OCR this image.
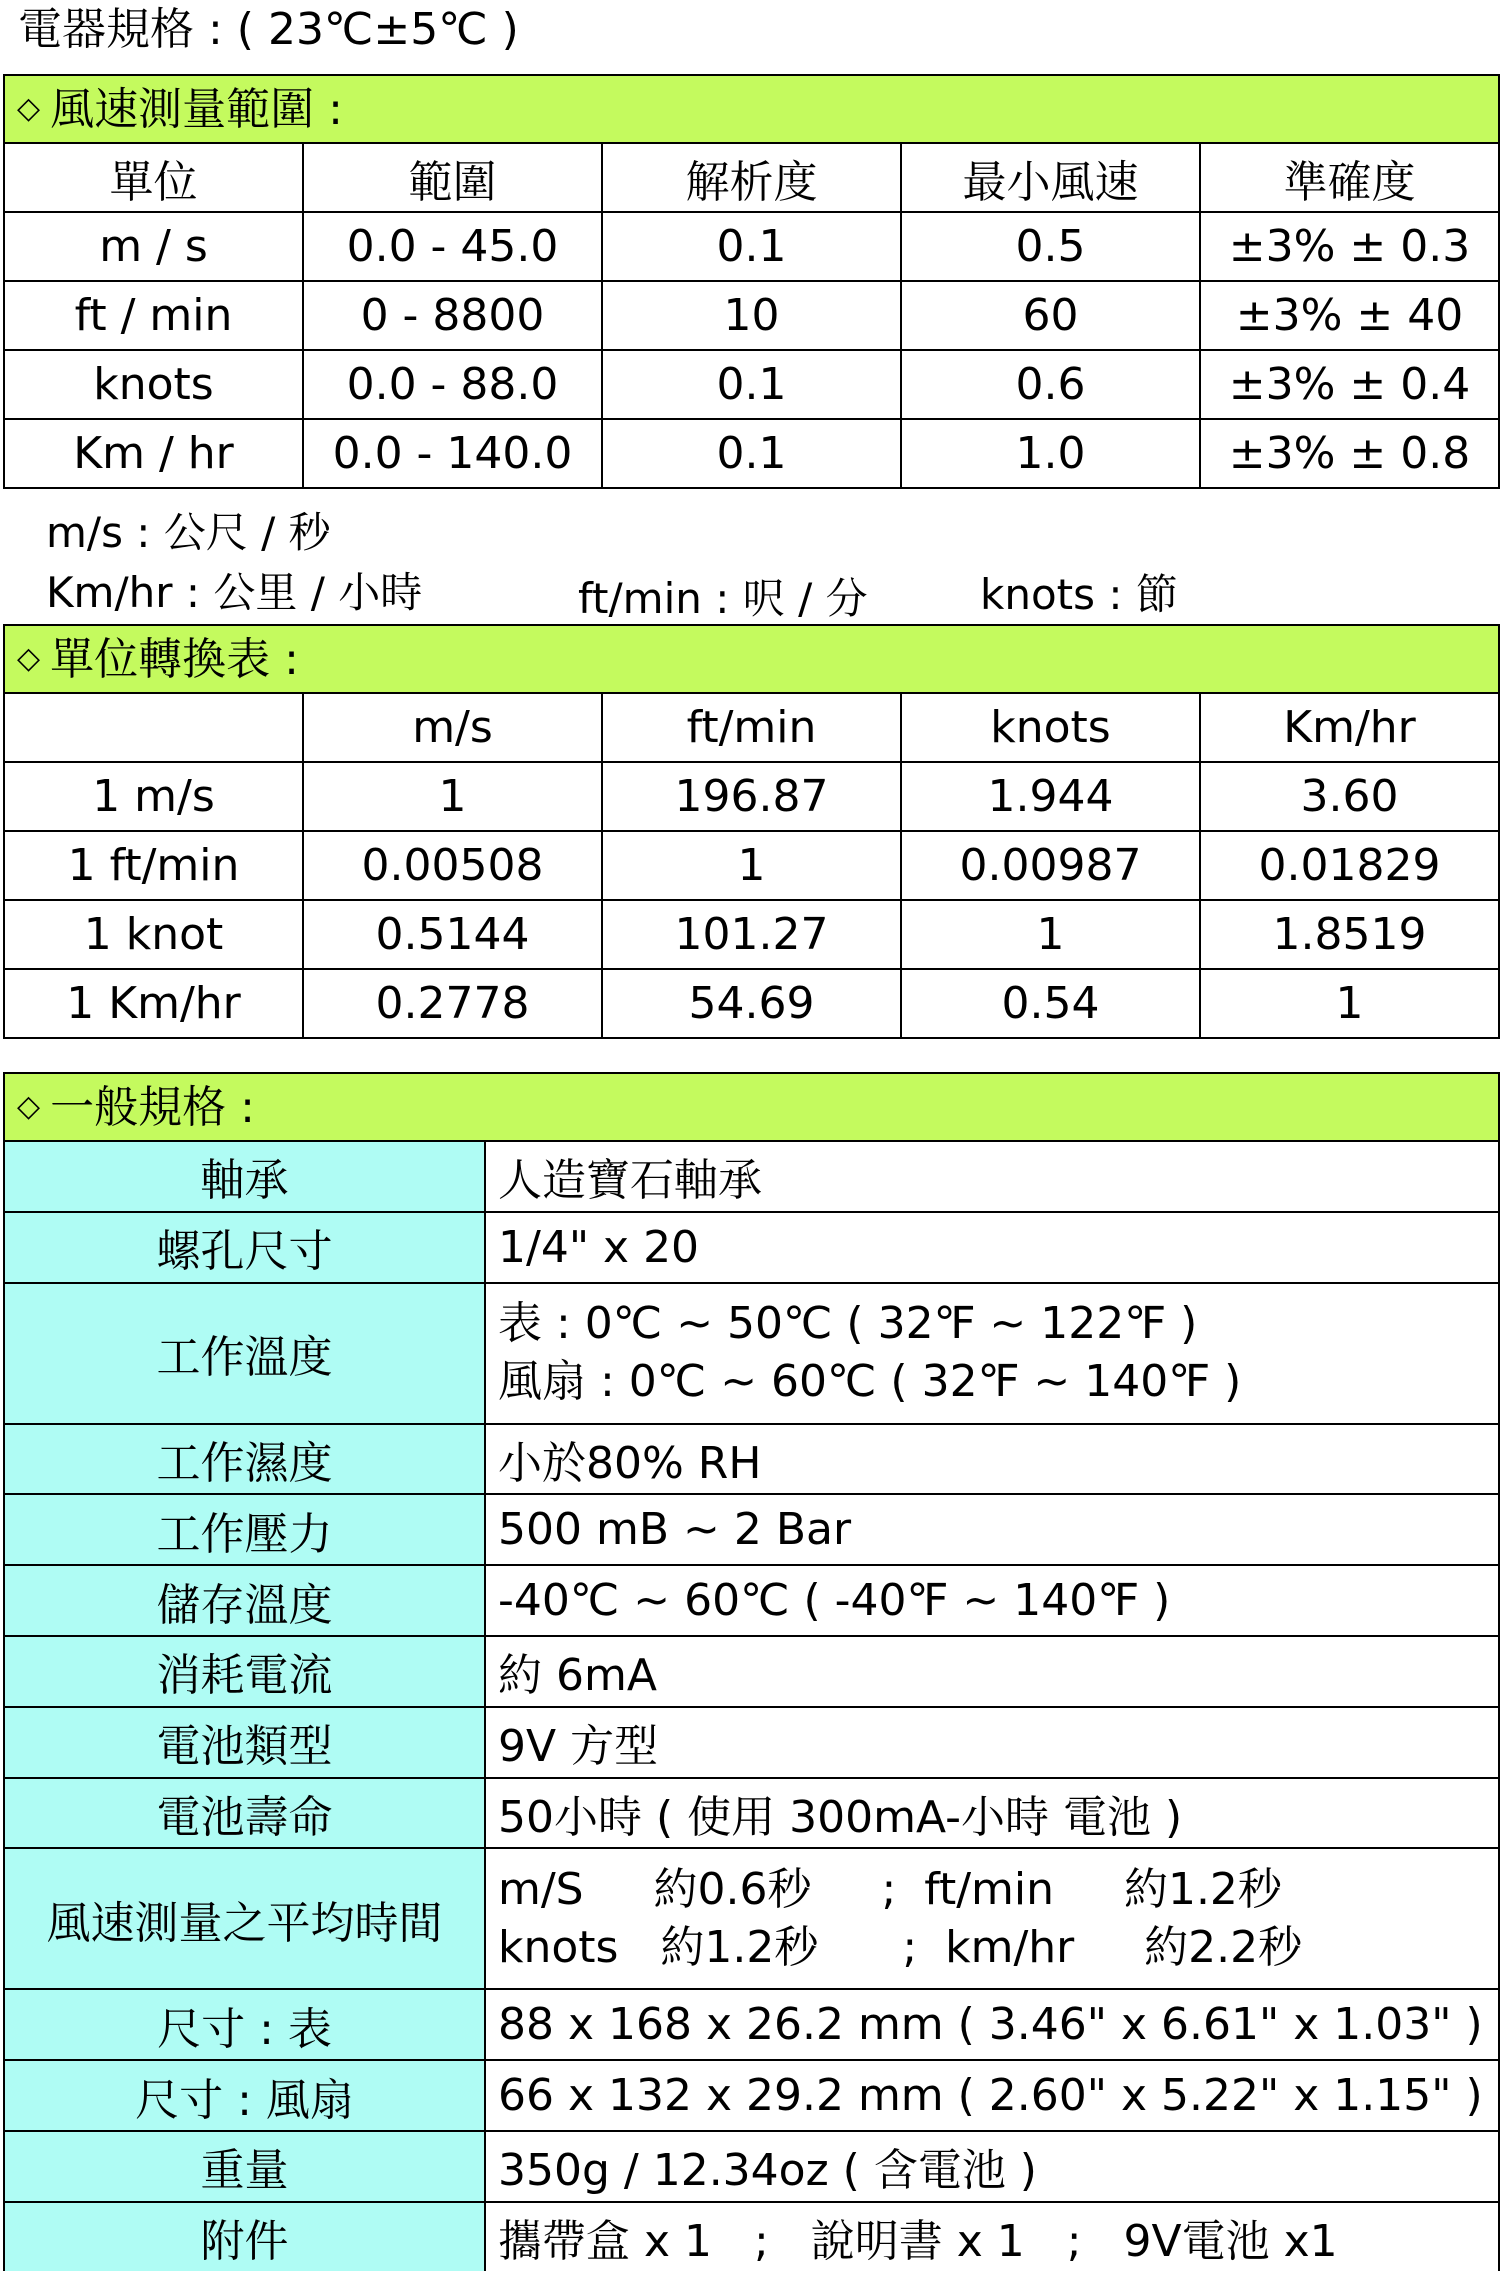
電器規格 : ( 23℃±5℃ )
◇ 風速測量範圍 :
單位	範圍	解析度	最小風速	準確度
m / s	0.0 - 45.0	0.1	0.5	±3% ± 0.3
ft / min	0 - 8800	10	60	±3% ± 40
knots	0.0 - 88.0	0.1	0.6	±3% ± 0.4
Km / hr	0.0 - 140.0	0.1	1.0	±3% ± 0.8
m/s : 公尺 / 秒
Km/hr : 公里 / 小時	ft/min : 呎 / 分	knots : 節
◇ 單位轉換表 :
	m/s	ft/min	knots	Km/hr
1 m/s	1	196.87	1.944	3.60
1 ft/min	0.00508	1	0.00987	0.01829
1 knot	0.5144	101.27	1	1.8519
1 Km/hr	0.2778	54.69	0.54	1
◇ 一般規格 :
軸承	人造寶石軸承
螺孔尺寸	1/4" x 20
工作溫度	表 : 0℃ ~ 50℃ ( 32℉ ~ 122℉ )
風扇 : 0℃ ~ 60℃ ( 32℉ ~ 140℉ )

工作濕度	小於80% RH
工作壓力	500 mB ~ 2 Bar
儲存溫度	-40℃ ~ 60℃ ( -40℉ ~ 140℉ )
消耗電流	約 6mA
電池類型	9V 方型
電池壽命	50小時 ( 使用 300mA-小時 電池 )
風速測量之平均時間	m/S     約0.6秒     ;  ft/min     約1.2秒
knots   約1.2秒      ;  km/hr     約2.2秒

尺寸 : 表	88 x 168 x 26.2 mm ( 3.46" x 6.61" x 1.03" )
尺寸 : 風扇	66 x 132 x 29.2 mm ( 2.60" x 5.22" x 1.15" )
重量	350g / 12.34oz ( 含電池 )
附件	攜帶盒 x 1   ;   說明書 x 1   ;   9V電池 x1
